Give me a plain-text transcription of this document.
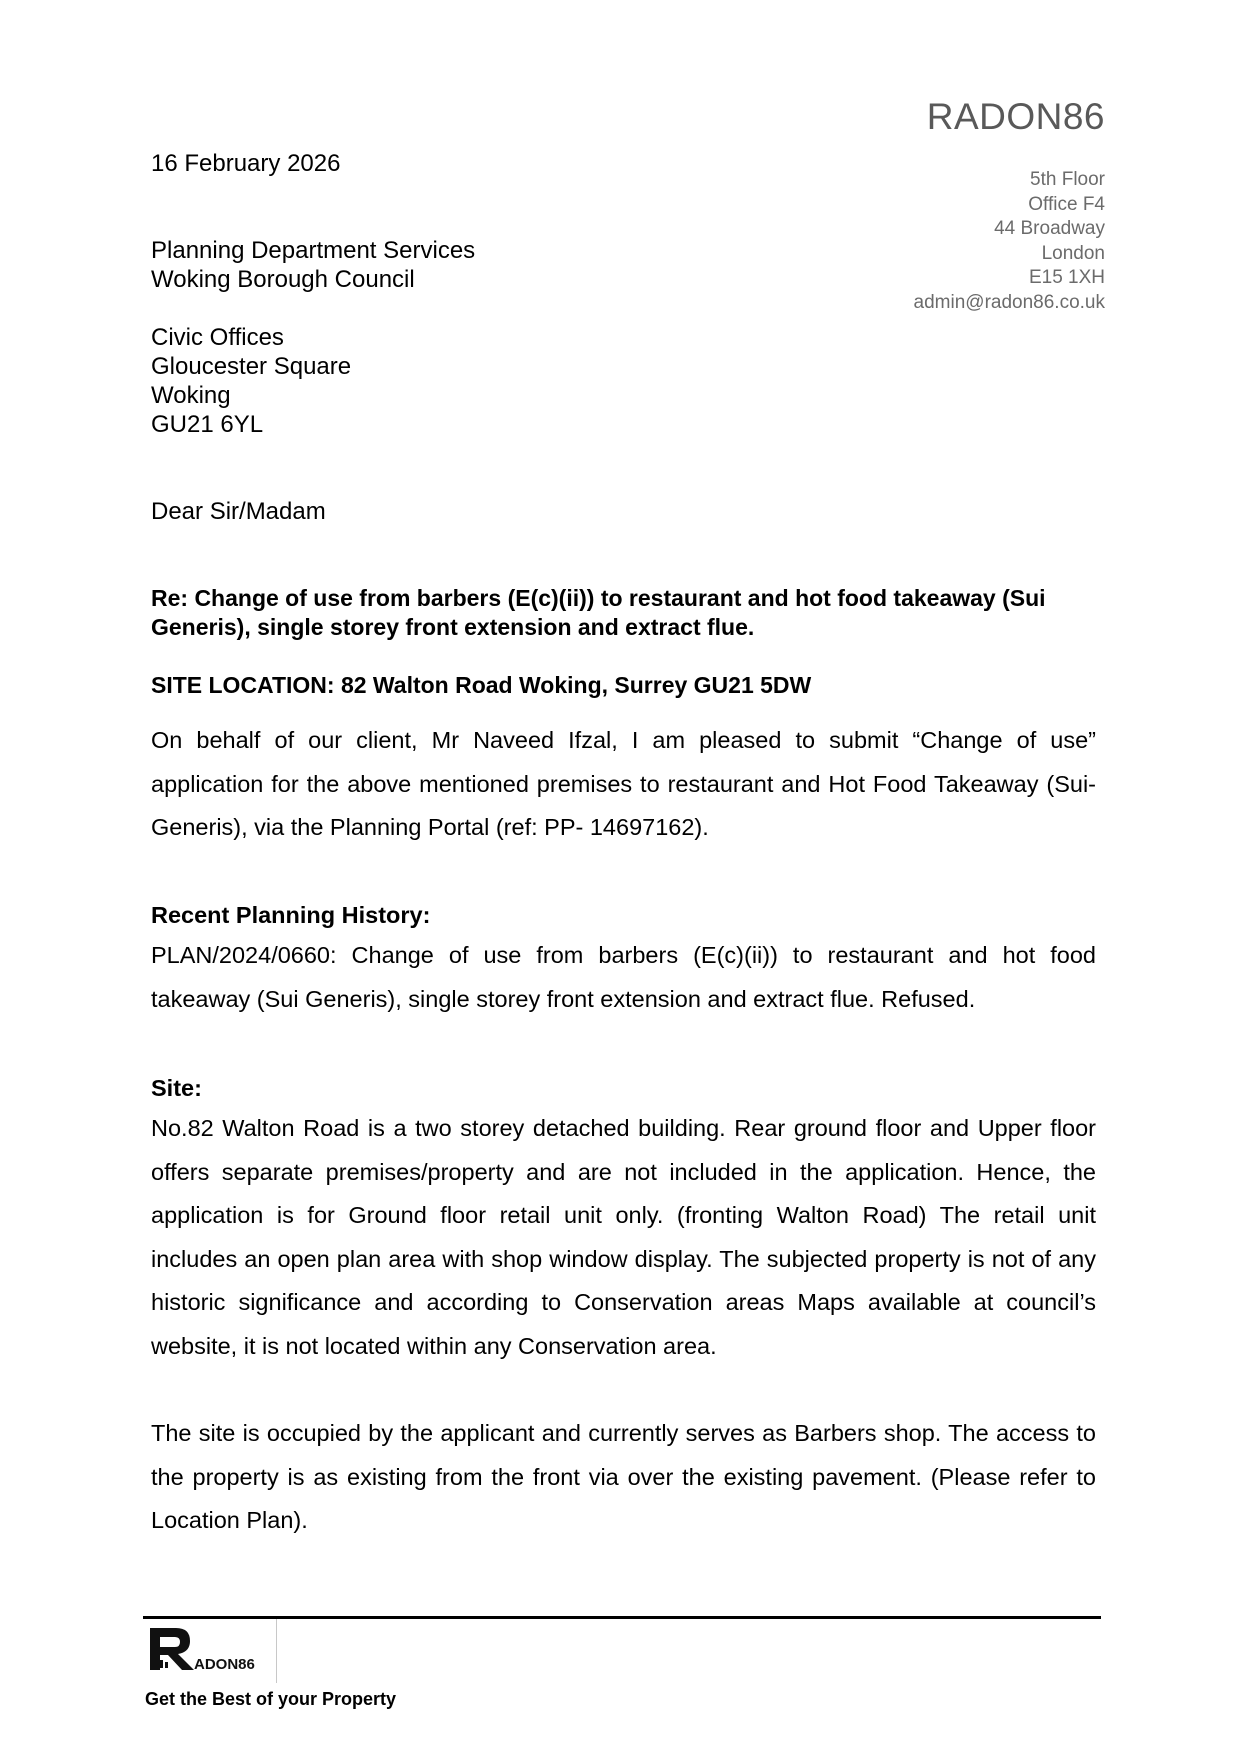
RADON86
5th Floor
Office F4
44 Broadway
London
E15 1XH
admin@radon86.co.uk
16 February 2026
Planning Department Services
Woking Borough Council
Civic Offices
Gloucester Square
Woking
GU21 6YL
Dear Sir/Madam
Re: Change of use from barbers (E(c)(ii)) to restaurant and hot food takeaway (Sui Generis), single storey front extension and extract flue.
SITE LOCATION: 82 Walton Road Woking, Surrey GU21 5DW
On behalf of our client, Mr Naveed Ifzal, I am pleased to submit “Change of use” application for the above mentioned premises to restaurant and Hot Food Takeaway (Sui-Generis), via the Planning Portal (ref: PP- 14697162).
Recent Planning History:
PLAN/2024/0660: Change of use from barbers (E(c)(ii)) to restaurant and hot food takeaway (Sui Generis), single storey front extension and extract flue. Refused.
Site:
No.82 Walton Road is a two storey detached building. Rear ground floor and Upper floor offers separate premises/property and are not included in the application. Hence, the application is for Ground floor retail unit only. (fronting Walton Road) The retail unit includes an open plan area with shop window display. The subjected property is not of any historic significance and according to Conservation areas Maps available at council’s website, it is not located within any Conservation area.
The site is occupied by the applicant and currently serves as Barbers shop. The access to the property is as existing from the front via over the existing pavement. (Please refer to Location Plan).
ADON86
Get the Best of your Property
